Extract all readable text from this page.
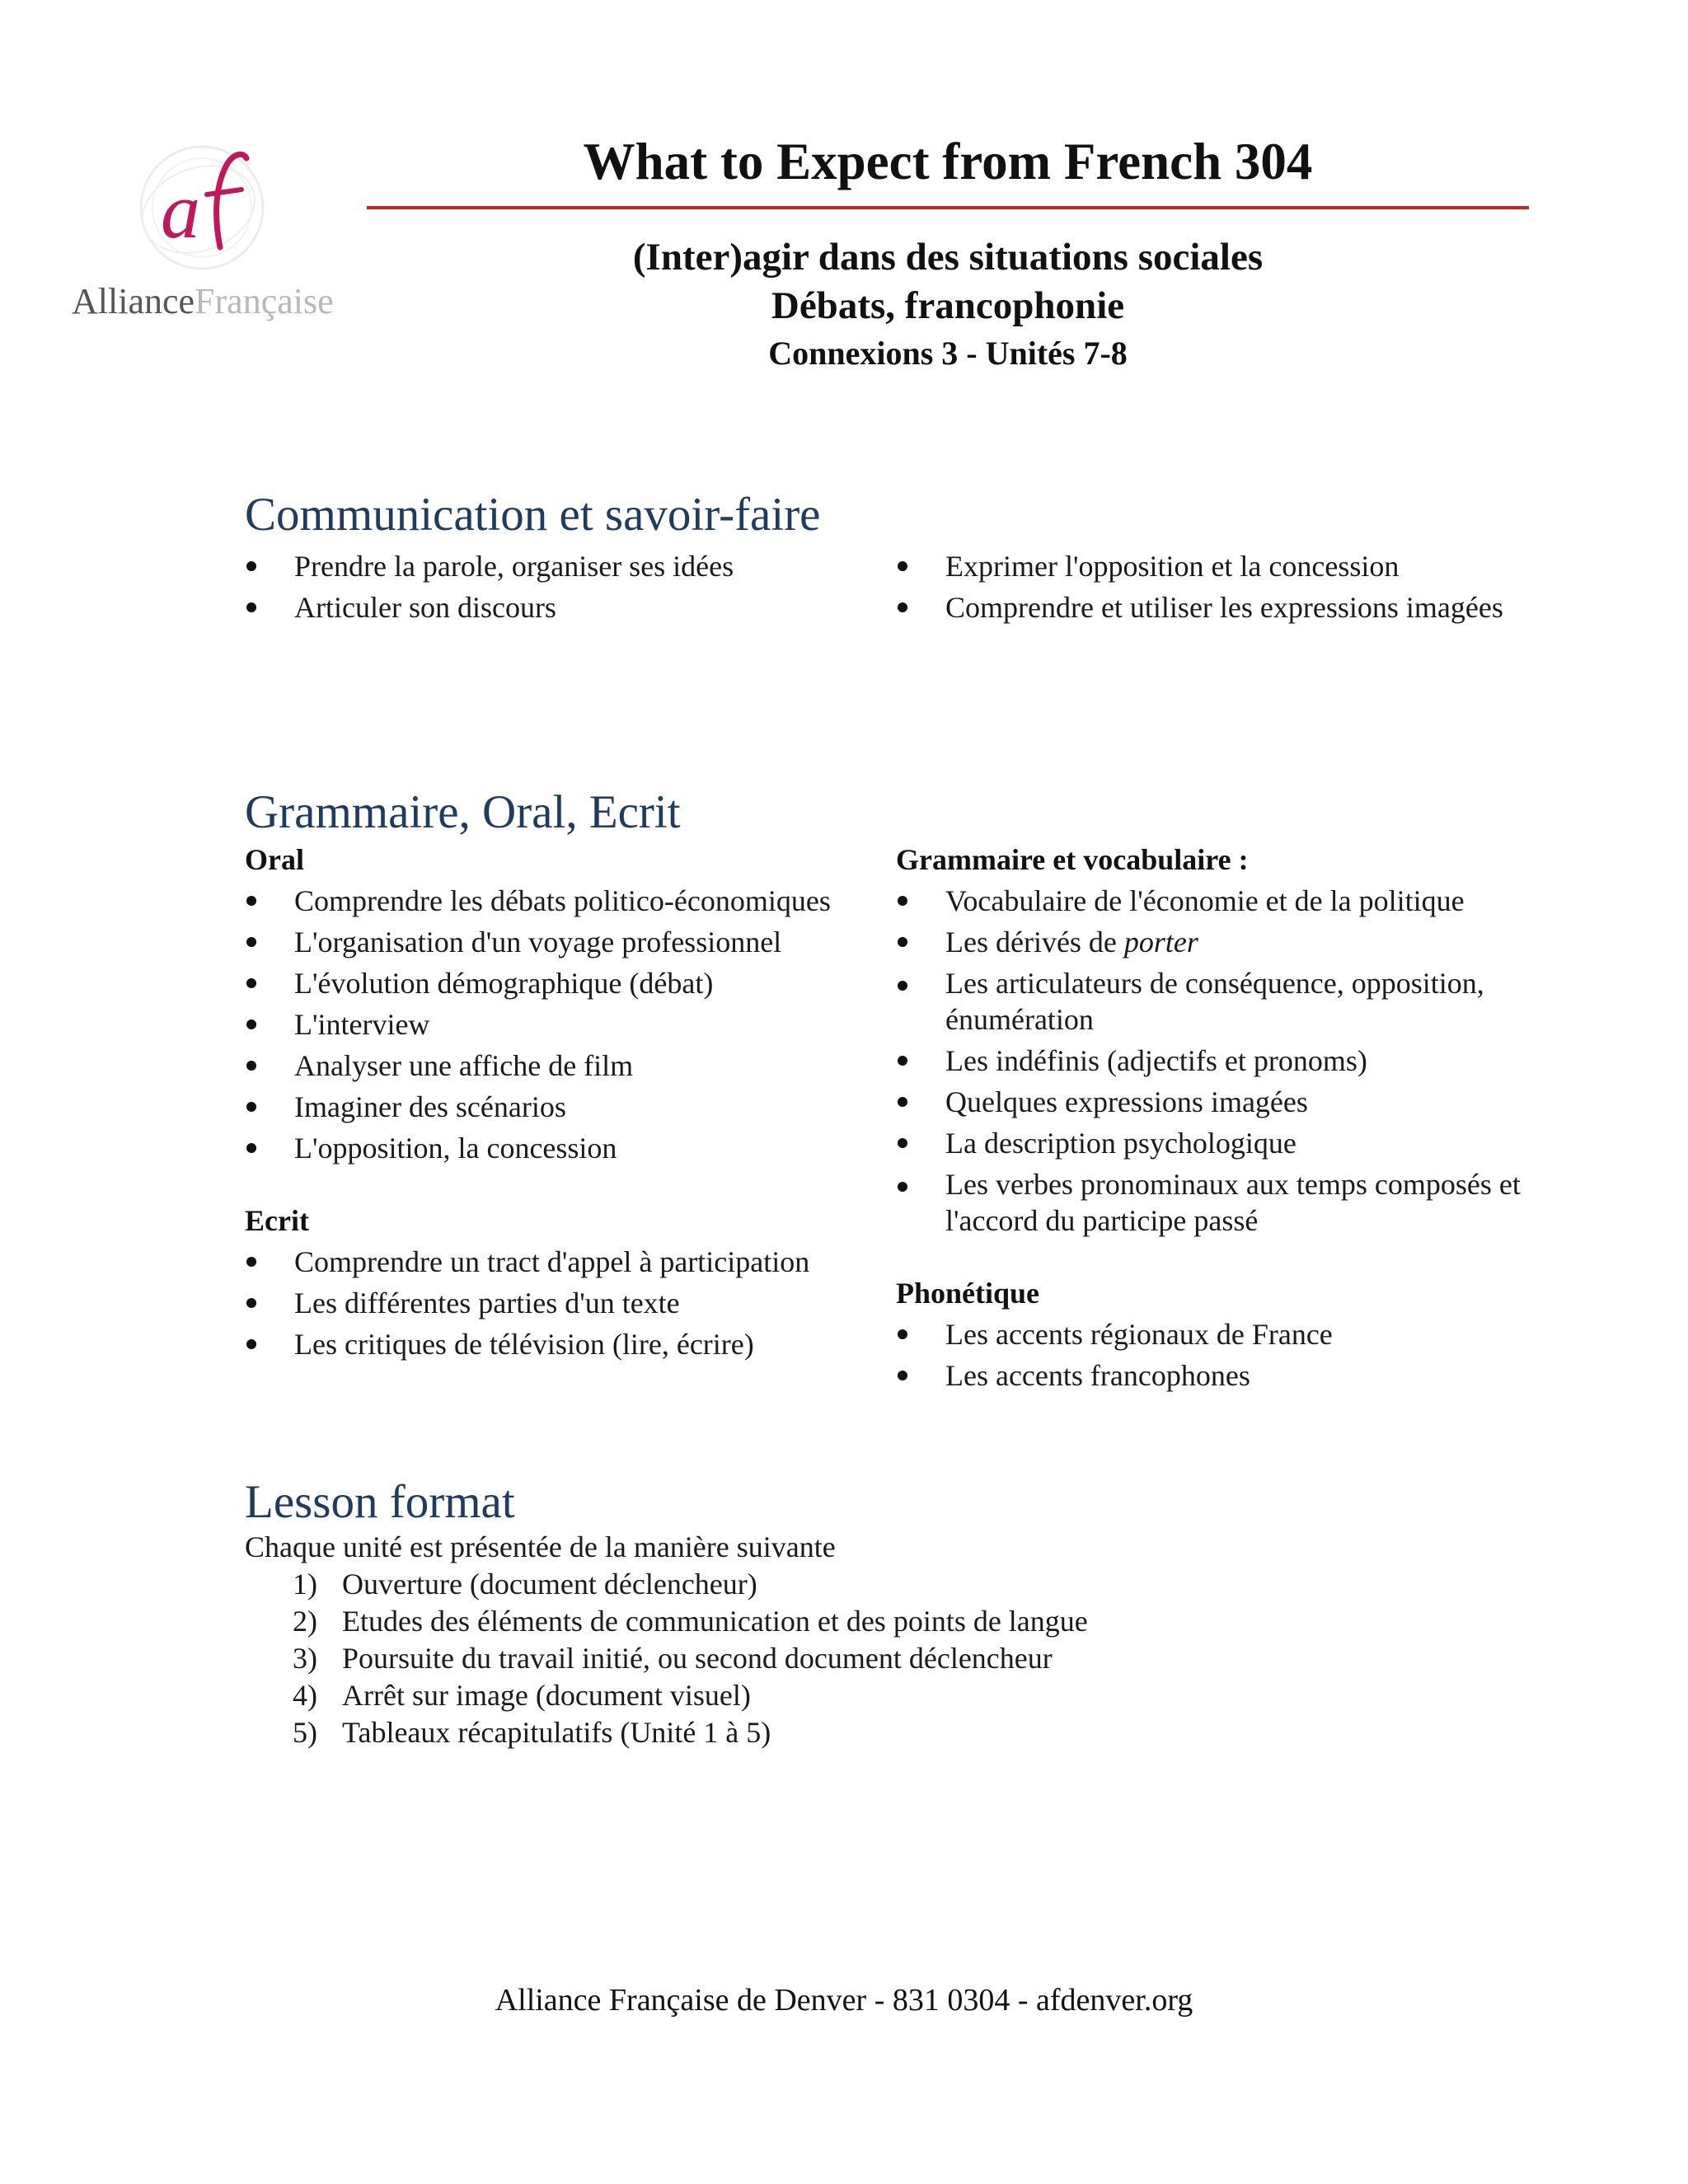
a
AllianceFrançaise
What to Expect from French 304
(Inter)agir dans des situations sociales
Débats, francophonie
Connexions 3 - Unités 7-8
Communication et savoir-faire
Prendre la parole, organiser ses idées
Articuler son discours
Exprimer l'opposition et la concession
Comprendre et utiliser les expressions imagées
Grammaire, Oral, Ecrit
Oral
Comprendre les débats politico-économiques
L'organisation d'un voyage professionnel
L'évolution démographique (débat)
L'interview
Analyser une affiche de film
Imaginer des scénarios
L'opposition, la concession
Ecrit
Comprendre un tract d'appel à participation
Les différentes parties d'un texte
Les critiques de télévision (lire, écrire)
Grammaire et vocabulaire :
Vocabulaire de l'économie et de la politique
Les dérivés de porter
Les articulateurs de conséquence, opposition, énumération
Les indéfinis (adjectifs et pronoms)
Quelques expressions imagées
La description psychologique
Les verbes pronominaux aux temps composés et l'accord du participe passé
Phonétique
Les accents régionaux de France
Les accents francophones
Lesson format
Chaque unité est présentée de la manière suivante
1) Ouverture (document déclencheur)
2) Etudes des éléments de communication et des points de langue
3) Poursuite du travail initié, ou second document déclencheur
4) Arrêt sur image (document visuel)
5) Tableaux récapitulatifs (Unité 1 à 5)
Alliance Française de Denver - 831 0304 - afdenver.org
